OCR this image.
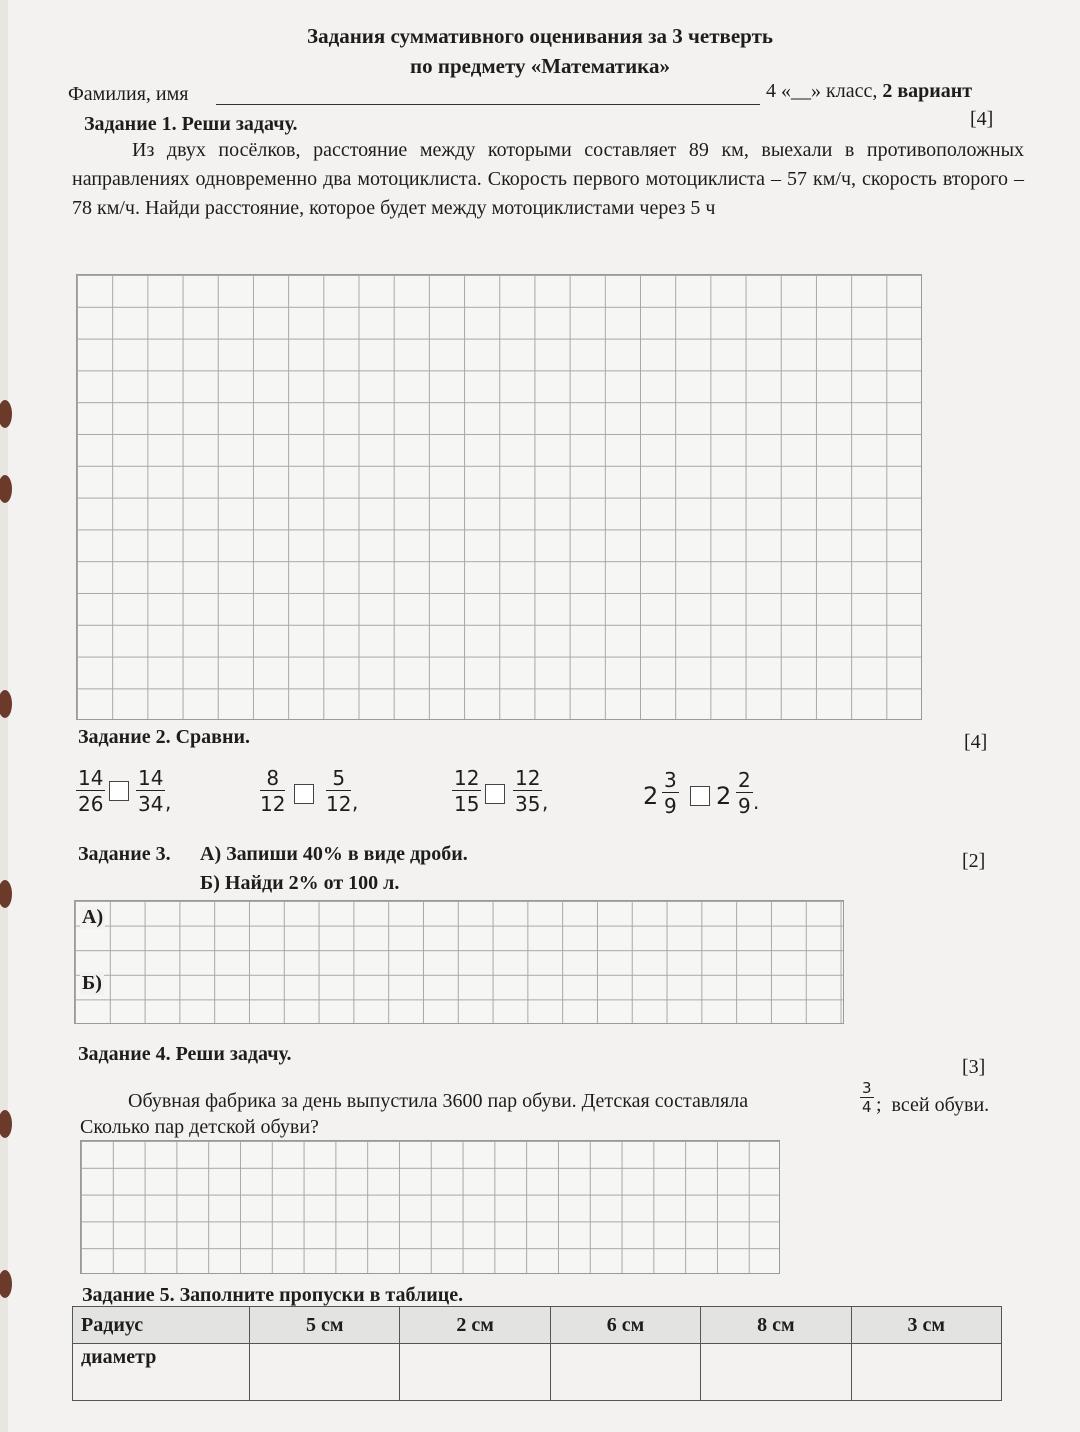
Задания суммативного оценивания за 3 четверть
по предмету «Математика»
Фамилия, имя	4 «__» класс, 2 вариант
Задание 1. Реши задачу.	[4]
Из двух посёлков, расстояние между которыми составляет 89 км, выехали в противоположных направлениях одновременно два мотоциклиста. Скорость первого мотоциклиста – 57 км/ч, скорость второго – 78 км/ч. Найди расстояние, которое будет между мотоциклистами через 5 ч
Задание 2. Сравни.	[4]
$\frac{14}{26} \frac{14}{34}$ ,	$\frac{8}{12} \frac{5}{12}$ ,	$\frac{12}{15} \frac{12}{35}$ ,	$2 \frac{3}{9} 2 \frac{2}{9}$ .
Задание 3. А) Запиши 40% в виде дроби.
Б) Найди 2% от 100 л.
[2]
А)
Б)
Задание 4. Реши задачу.
[3]
Обувная фабрика за день выпустила 3600 пар обуви. Детская составляла	$\frac{3}{4}$ ;  всей обуви.
Сколько пар детской обуви?
Задание 5. Заполните пропуски в таблице.
Радиус	5 см	2 см	6 см	8 см	3 см
диаметр					
